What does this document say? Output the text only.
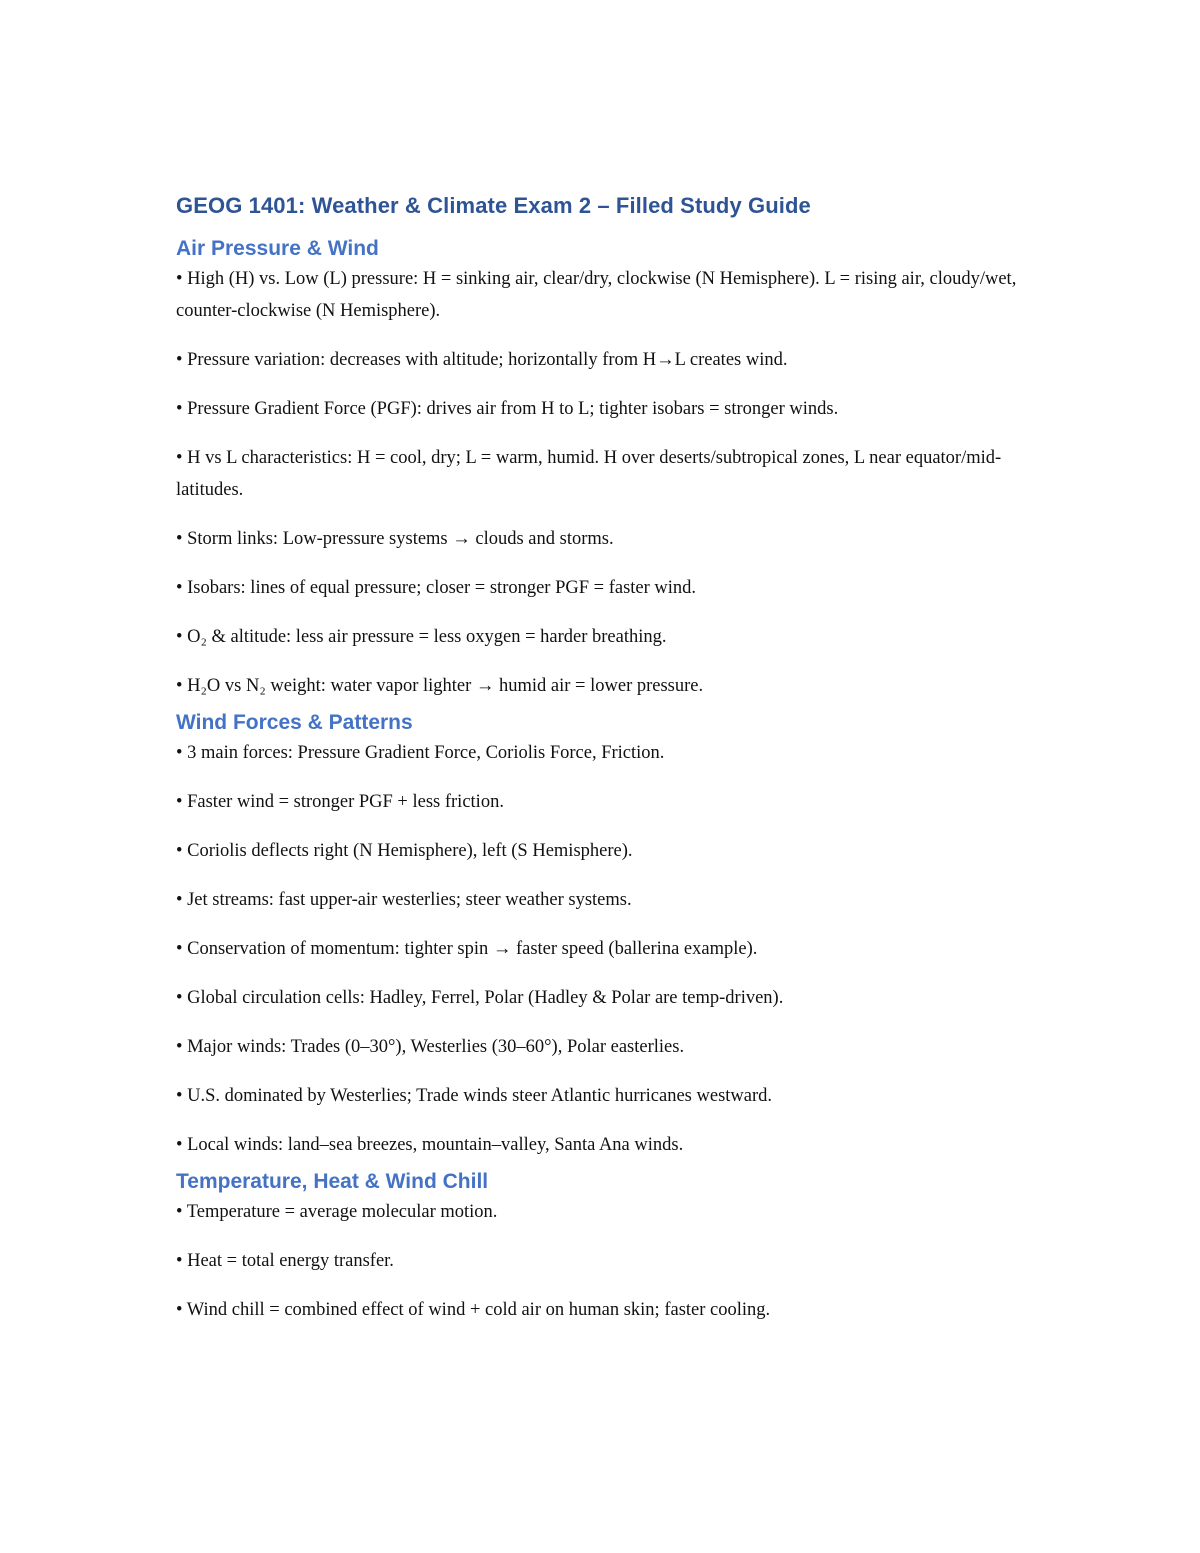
GEOG 1401: Weather & Climate Exam 2 – Filled Study Guide
Air Pressure & Wind

• High (H) vs. Low (L) pressure: H = sinking air, clear/dry, clockwise (N Hemisphere). L = rising air, cloudy/wet, counter-clockwise (N Hemisphere).

• Pressure variation: decreases with altitude; horizontally from H→L creates wind.

• Pressure Gradient Force (PGF): drives air from H to L; tighter isobars = stronger winds.

• H vs L characteristics: H = cool, dry; L = warm, humid. H over deserts/subtropical zones, L near equator/mid-latitudes.

• Storm links: Low-pressure systems → clouds and storms.

• Isobars: lines of equal pressure; closer = stronger PGF = faster wind.

• O₂ & altitude: less air pressure = less oxygen = harder breathing.

• H₂O vs N₂ weight: water vapor lighter → humid air = lower pressure.

Wind Forces & Patterns

• 3 main forces: Pressure Gradient Force, Coriolis Force, Friction.

• Faster wind = stronger PGF + less friction.

• Coriolis deflects right (N Hemisphere), left (S Hemisphere).

• Jet streams: fast upper-air westerlies; steer weather systems.

• Conservation of momentum: tighter spin → faster speed (ballerina example).

• Global circulation cells: Hadley, Ferrel, Polar (Hadley & Polar are temp-driven).

• Major winds: Trades (0–30°), Westerlies (30–60°), Polar easterlies.

• U.S. dominated by Westerlies; Trade winds steer Atlantic hurricanes westward.

• Local winds: land–sea breezes, mountain–valley, Santa Ana winds.

Temperature, Heat & Wind Chill

• Temperature = average molecular motion.

• Heat = total energy transfer.

• Wind chill = combined effect of wind + cold air on human skin; faster cooling.
